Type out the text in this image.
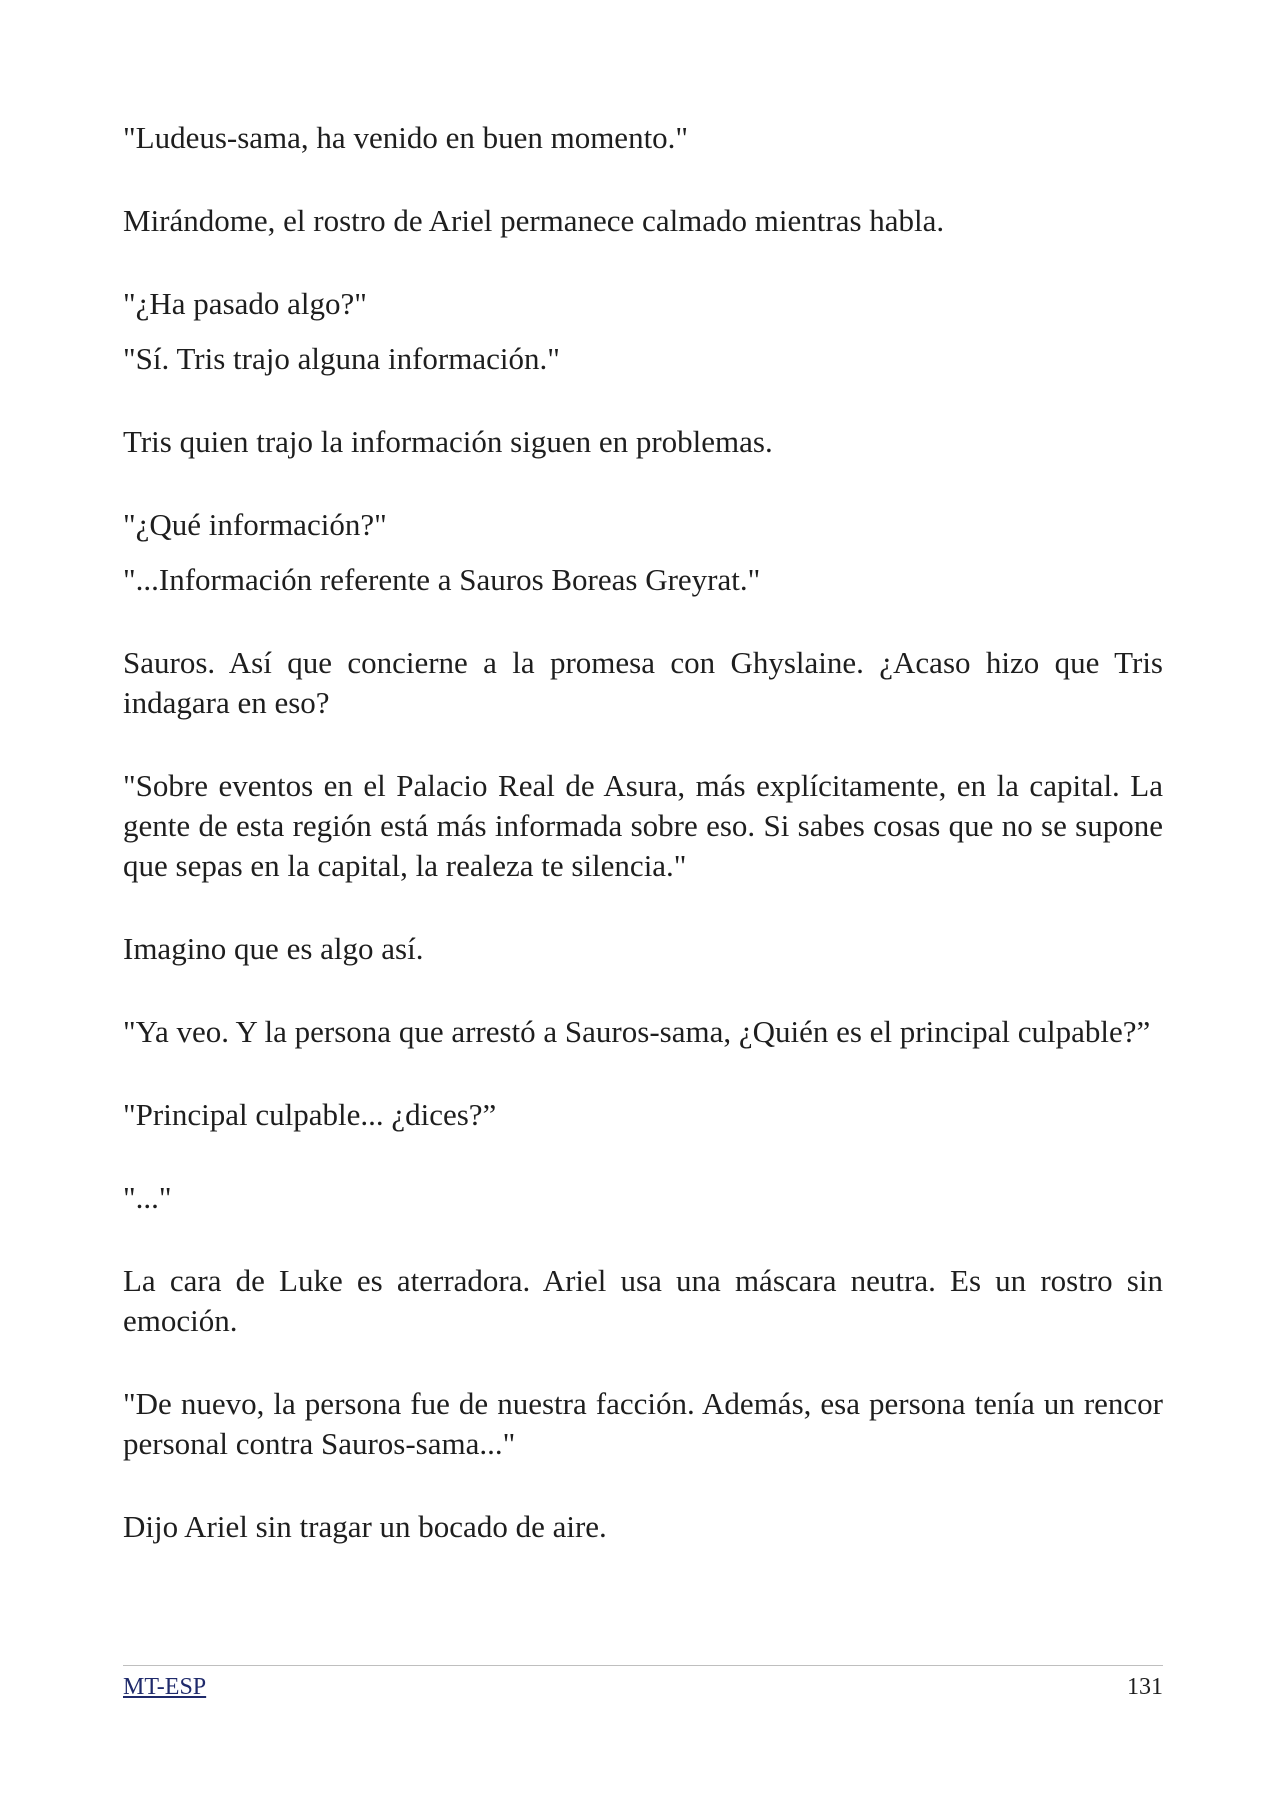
"Ludeus-sama, ha venido en buen momento."

Mirándome, el rostro de Ariel permanece calmado mientras habla.

"¿Ha pasado algo?"

"Sí. Tris trajo alguna información."

Tris quien trajo la información siguen en problemas.

"¿Qué información?"

"...Información referente a Sauros Boreas Greyrat."

Sauros. Así que concierne a la promesa con Ghyslaine. ¿Acaso hizo que Tris indagara en eso?

"Sobre eventos en el Palacio Real de Asura, más explícitamente, en la capital. La gente de esta región está más informada sobre eso. Si sabes cosas que no se supone que sepas en la capital, la realeza te silencia."

Imagino que es algo así.

"Ya veo. Y la persona que arrestó a Sauros-sama, ¿Quién es el principal culpable?”

"Principal culpable... ¿dices?”

"..."

La cara de Luke es aterradora. Ariel usa una máscara neutra. Es un rostro sin emoción.

"De nuevo, la persona fue de nuestra facción. Además, esa persona tenía un rencor personal contra Sauros-sama..."

Dijo Ariel sin tragar un bocado de aire.

MT-ESP	131
